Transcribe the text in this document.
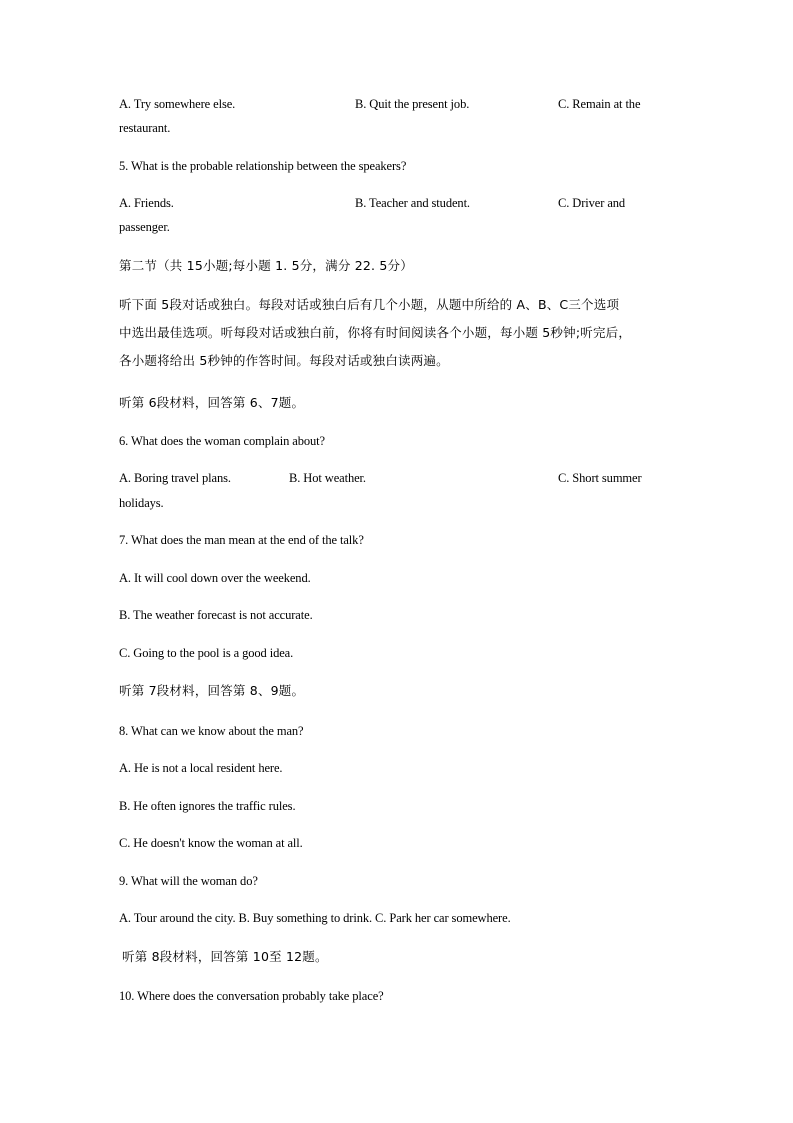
A. Try somewhere else.	B. Quit the present job.	C. Remain at the
restaurant.
5. What is the probable relationship between the speakers?
A. Friends.	B. Teacher and student.	C. Driver and
passenger.
第二节（共 15小题;每小题 1. 5分，满分 22. 5分）
听下面 5段对话或独白。每段对话或独白后有几个小题，从题中所给的 A、B、C三个选项
中选出最佳选项。听每段对话或独白前，你将有时间阅读各个小题，每小题 5秒钟;听完后，
各小题将给出 5秒钟的作答时间。每段对话或独白读两遍。
听第 6段材料，回答第 6、7题。
6. What does the woman complain about?
A. Boring travel plans.	B. Hot weather.	C. Short summer
holidays.
7. What does the man mean at the end of the talk?
A. It will cool down over the weekend.
B. The weather forecast is not accurate.
C. Going to the pool is a good idea.
听第 7段材料，回答第 8、9题。
8. What can we know about the man?
A. He is not a local resident here.
B. He often ignores the traffic rules.
C. He doesn't know the woman at all.
9. What will the woman do?
A. Tour around the city. B. Buy something to drink. C. Park her car somewhere.
听第 8段材料，回答第 10至 12题。
10. Where does the conversation probably take place?
